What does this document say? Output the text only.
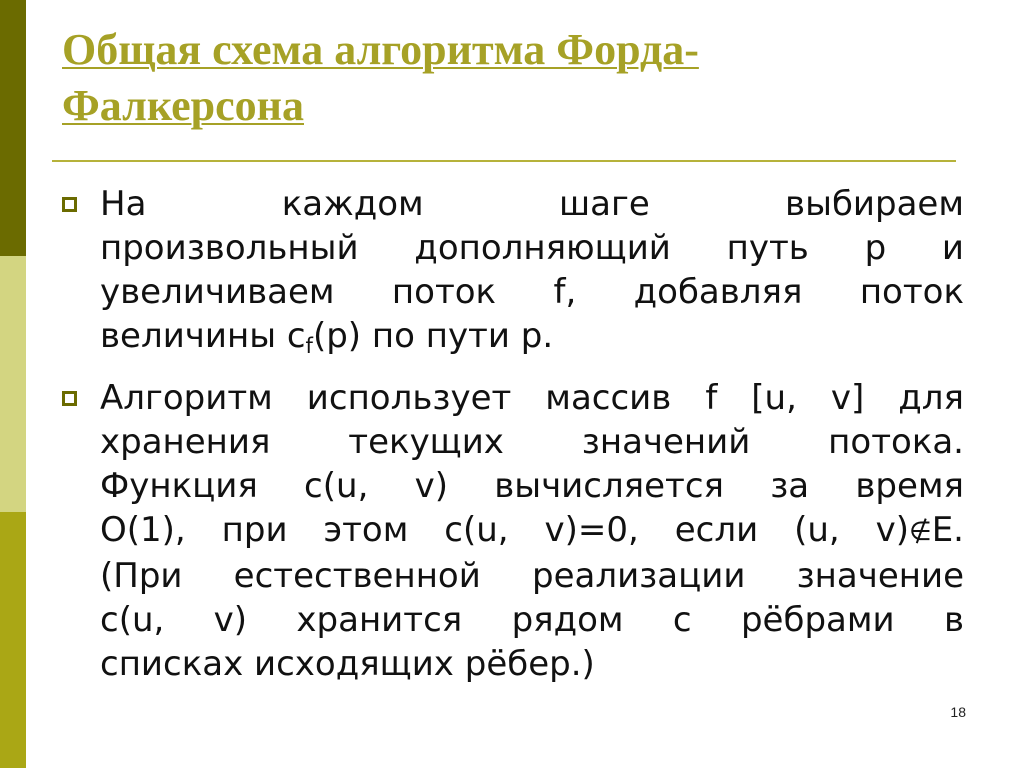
Общая схема алгоритма Форда-
Фалкерсона
На каждом шаге выбираем
произвольный дополняющий путь p и
увеличиваем поток f, добавляя поток
величины $c_f(p)$ по пути p.
Алгоритм использует массив f [u, v] для
хранения текущих значений потока.
Функция c(u, v) вычисляется за время
O(1), при этом c(u, v)=0, если (u, v)∉E.
(При естественной реализации значение
c(u, v) хранится рядом с рёбрами в
списках исходящих рёбер.)
18
